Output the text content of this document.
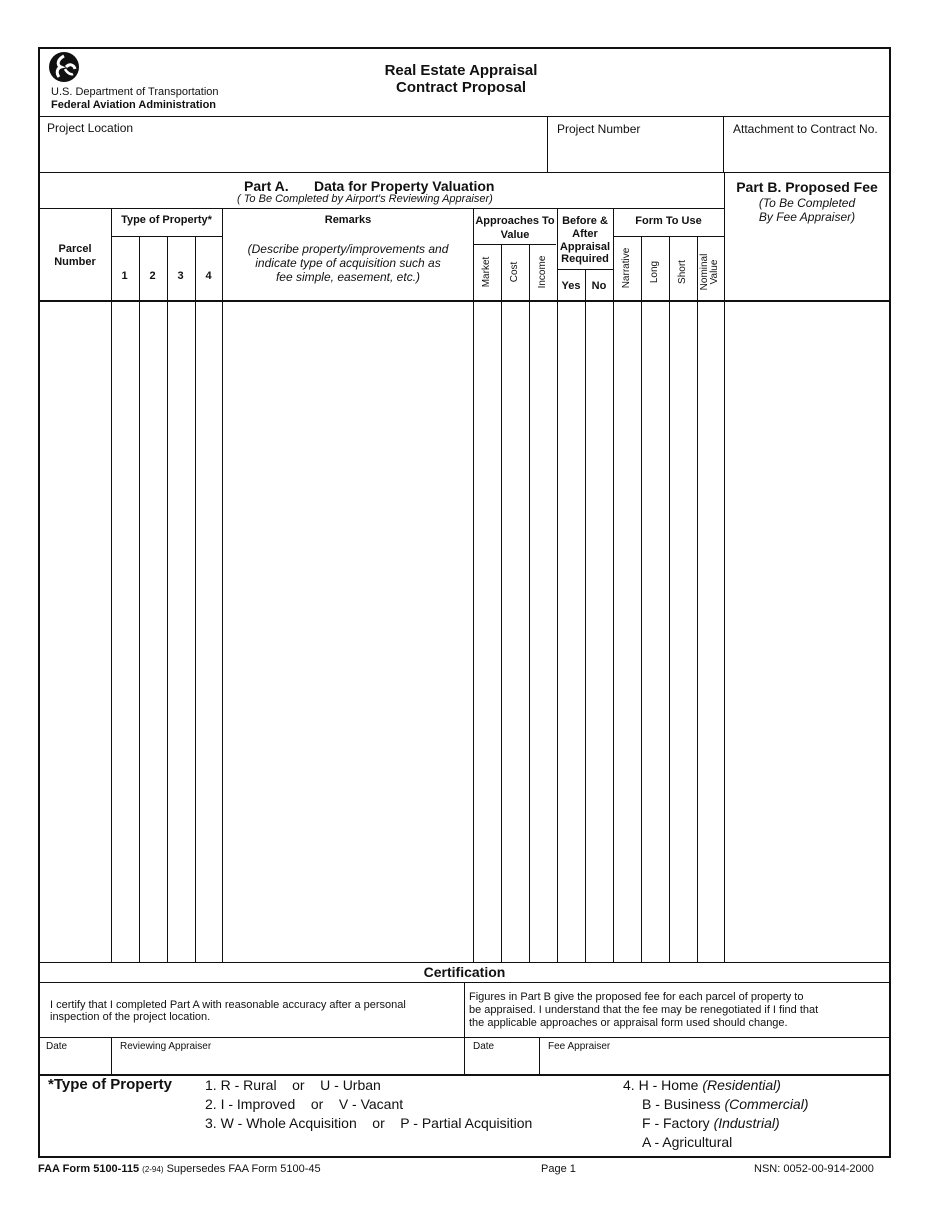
U.S. Department of Transportation
Federal Aviation Administration
Real Estate Appraisal
Contract Proposal
Project Location	Project Number	Attachment to Contract No.
Part A. Data for Property Valuation
( To Be Completed by Airport's Reviewing Appraiser)
Part B. Proposed Fee
(To Be Completed
By Fee Appraiser)
Parcel
Number
Type of Property*
1	2	3	4
Remarks
(Describe property/improvements and
indicate type of acquisition such as
fee simple, easement, etc.)
Approaches To
Value
Market Cost Income
Before &
After
Appraisal
Required
Yes	No
Form To Use
Narrative Long Short Nominal Value
Certification
I certify that I completed Part A with reasonable accuracy after a personal
inspection of the project location.
Figures in Part B give the proposed fee for each parcel of property to
be appraised. I understand that the fee may be renegotiated if I find that
the applicable approaches or appraisal form used should change.
Date	Reviewing Appraiser	Date	Fee Appraiser
*Type of Property 1. R - Rural    or    U - Urban
2. I - Improved    or    V - Vacant
3. W - Whole Acquisition    or    P - Partial Acquisition
4. H - Home (Residential)
B - Business (Commercial)
F - Factory (Industrial)
A - Agricultural
FAA Form 5100-115 (2-94) Supersedes FAA Form 5100-45	Page 1	NSN: 0052-00-914-2000
